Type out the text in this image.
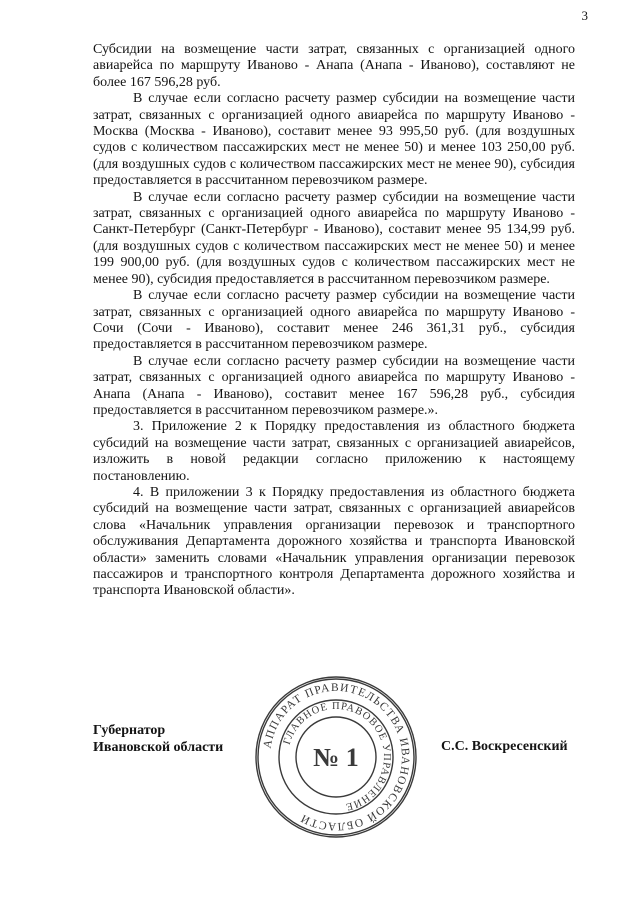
3

Субсидии на возмещение части затрат, связанных с организацией одного авиарейса по маршруту Иваново - Анапа (Анапа - Иваново), составляют не более 167 596,28 руб.

В случае если согласно расчету размер субсидии на возмещение части затрат, связанных с организацией одного авиарейса по маршруту Иваново - Москва (Москва - Иваново), составит менее 93 995,50 руб. (для воздушных судов с количеством пассажирских мест не менее 50) и менее 103 250,00 руб. (для воздушных судов с количеством пассажирских мест не менее 90), субсидия предоставляется в рассчитанном перевозчиком размере.

В случае если согласно расчету размер субсидии на возмещение части затрат, связанных с организацией одного авиарейса по маршруту Иваново - Санкт-Петербург (Санкт-Петербург - Иваново), составит менее 95 134,99 руб. (для воздушных судов с количеством пассажирских мест не менее 50) и менее 199 900,00 руб. (для воздушных судов с количеством пассажирских мест не менее 90), субсидия предоставляется в рассчитанном перевозчиком размере.

В случае если согласно расчету размер субсидии на возмещение части затрат, связанных с организацией одного авиарейса по маршруту Иваново - Сочи (Сочи - Иваново), составит менее 246 361,31 руб., субсидия предоставляется в рассчитанном перевозчиком размере.

В случае если согласно расчету размер субсидии на возмещение части затрат, связанных с организацией одного авиарейса по маршруту Иваново - Анапа (Анапа - Иваново), составит менее 167 596,28 руб., субсидия предоставляется в рассчитанном перевозчиком размере.».

3. Приложение 2 к Порядку предоставления из областного бюджета субсидий на возмещение части затрат, связанных с организацией авиарейсов, изложить в новой редакции согласно приложению к настоящему постановлению.

4. В приложении 3 к Порядку предоставления из областного бюджета субсидий на возмещение части затрат, связанных с организацией авиарейсов слова «Начальник управления организации перевозок и транспортного обслуживания Департамента дорожного хозяйства и транспорта Ивановской области» заменить словами «Начальник управления организации перевозок пассажиров и транспортного контроля Департамента дорожного хозяйства и транспорта Ивановской области».

Губернатор
Ивановской области	С.С. Воскресенский
АППАРАТ ПРАВИТЕЛЬСТВА ИВАНОВСКОЙ ОБЛАСТИ
ГЛАВНОЕ ПРАВОВОЕ УПРАВЛЕНИЕ
№ 1
